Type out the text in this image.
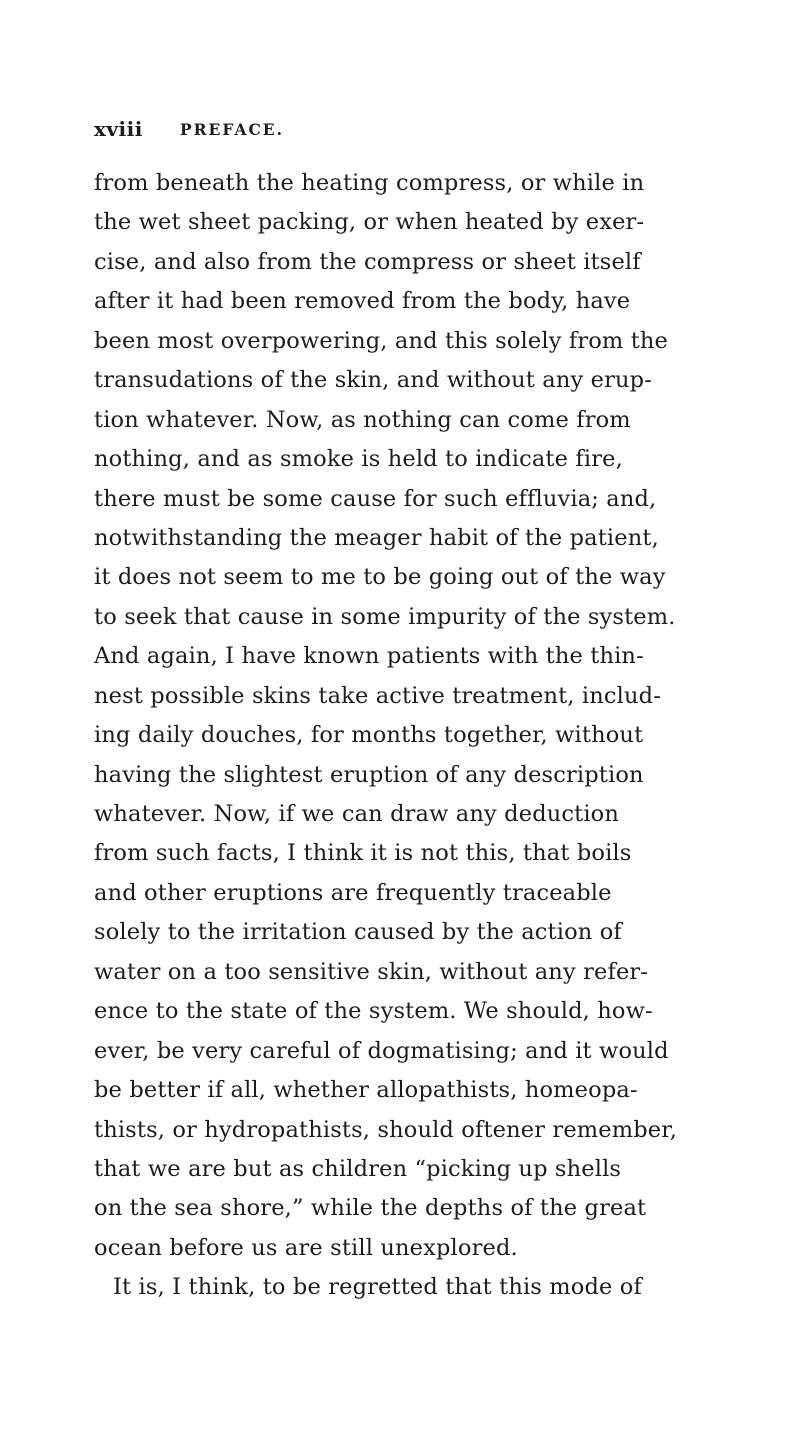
xviii PREFACE.
from beneath the heating compress, or while in
the wet sheet packing, or when heated by exer-
cise, and also from the compress or sheet itself
after it had been removed from the body, have
been most overpowering, and this solely from the
transudations of the skin, and without any erup-
tion whatever. Now, as nothing can come from
nothing, and as smoke is held to indicate fire,
there must be some cause for such effluvia; and,
notwithstanding the meager habit of the patient,
it does not seem to me to be going out of the way
to seek that cause in some impurity of the system.
And again, I have known patients with the thin-
nest possible skins take active treatment, includ-
ing daily douches, for months together, without
having the slightest eruption of any description
whatever. Now, if we can draw any deduction
from such facts, I think it is not this, that boils
and other eruptions are frequently traceable
solely to the irritation caused by the action of
water on a too sensitive skin, without any refer-
ence to the state of the system. We should, how-
ever, be very careful of dogmatising; and it would
be better if all, whether allopathists, homeopa-
thists, or hydropathists, should oftener remember,
that we are but as children “picking up shells
on the sea shore,” while the depths of the great
ocean before us are still unexplored.
It is, I think, to be regretted that this mode of
